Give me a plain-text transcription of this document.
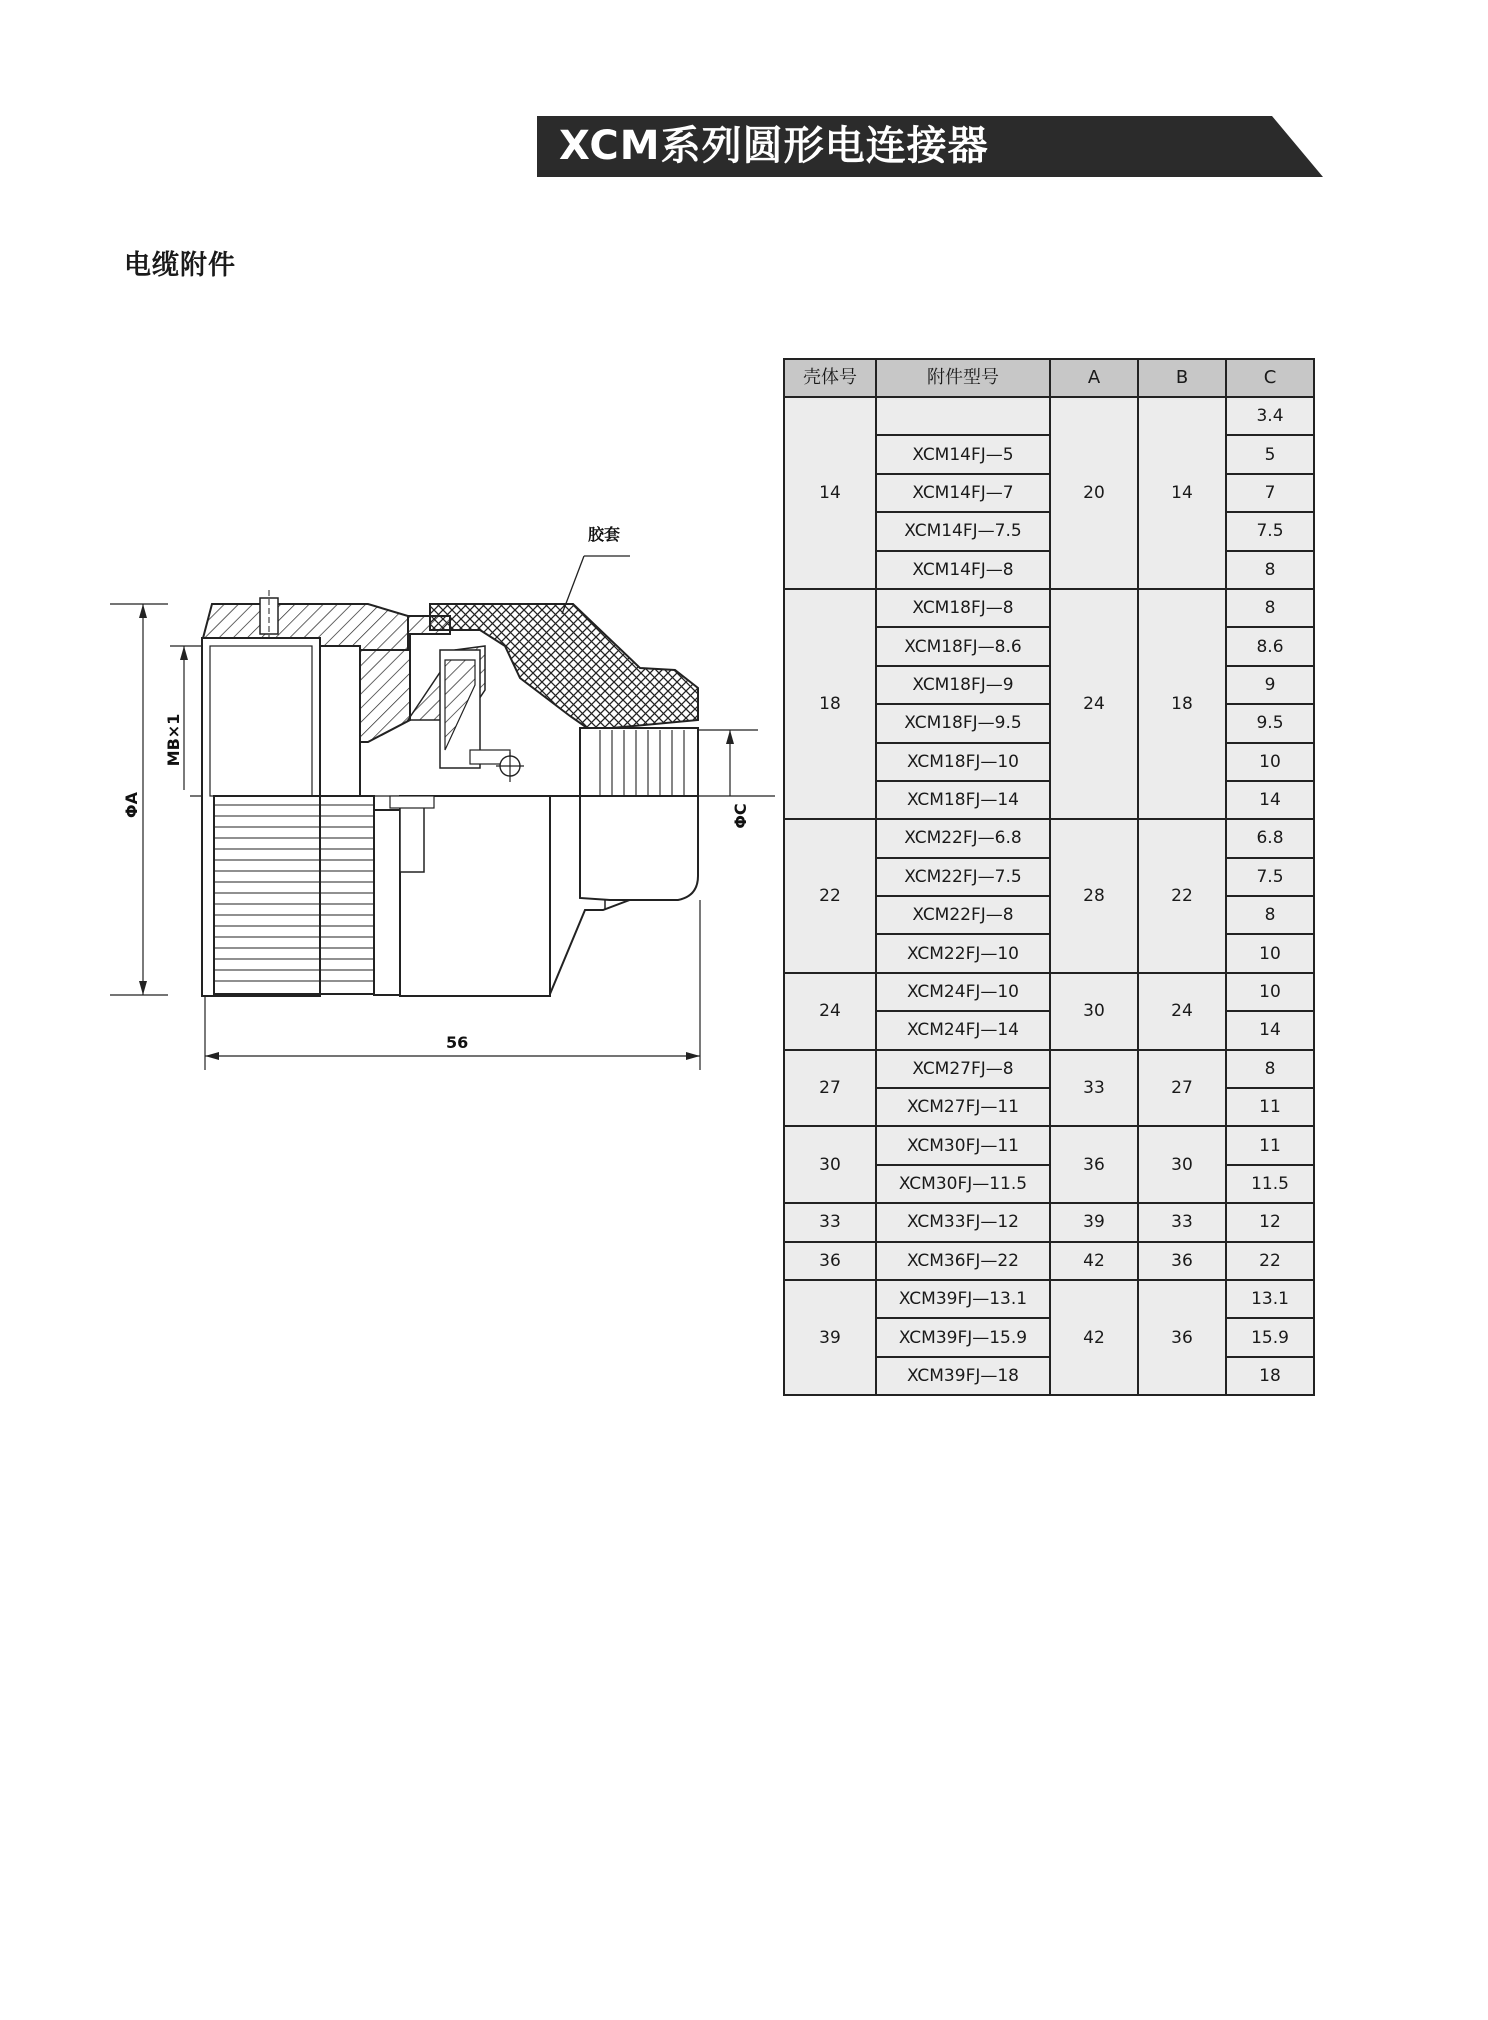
XCM系列圆形电连接器
电缆附件
ΦA
MB×1
胶套
ΦC
56
壳体号	附件型号	A	B	C
14		20	14	3.4
	XCM14FJ—5			5
	XCM14FJ—7			7
	XCM14FJ—7.5			7.5
	XCM14FJ—8			8
18	XCM18FJ—8	24	18	8
	XCM18FJ—8.6			8.6
	XCM18FJ—9			9
	XCM18FJ—9.5			9.5
	XCM18FJ—10			10
	XCM18FJ—14			14
22	XCM22FJ—6.8	28	22	6.8
	XCM22FJ—7.5			7.5
	XCM22FJ—8			8
	XCM22FJ—10			10
24	XCM24FJ—10	30	24	10
	XCM24FJ—14			14
27	XCM27FJ—8	33	27	8
	XCM27FJ—11			11
30	XCM30FJ—11	36	30	11
	XCM30FJ—11.5			11.5
33	XCM33FJ—12	39	33	12
36	XCM36FJ—22	42	36	22
39	XCM39FJ—13.1	42	36	13.1
	XCM39FJ—15.9			15.9
	XCM39FJ—18			18
